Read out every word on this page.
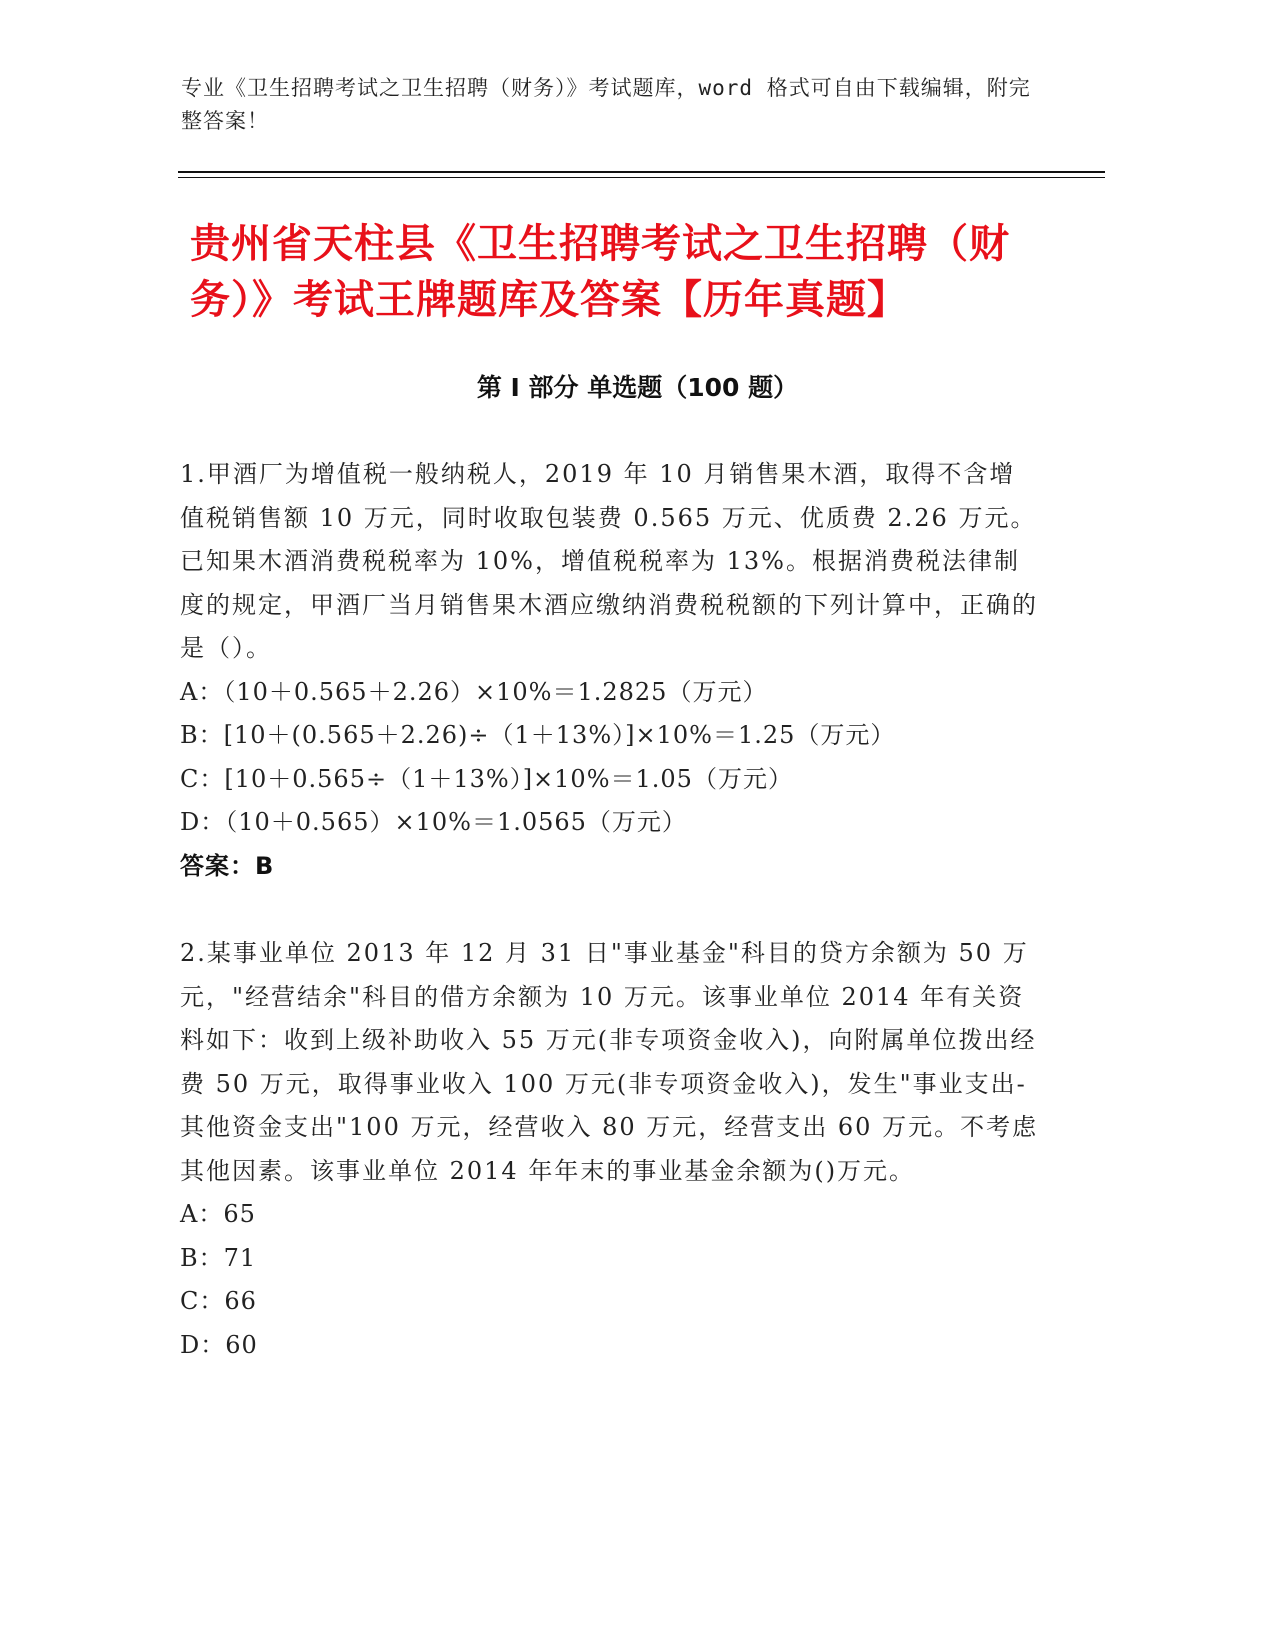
专业《卫生招聘考试之卫生招聘（财务）》考试题库，word 格式可自由下载编辑，附完整答案！
贵州省天柱县《卫生招聘考试之卫生招聘（财务）》考试王牌题库及答案【历年真题】
第 I 部分 单选题（100 题）
1.甲酒厂为增值税一般纳税人，2019 年 10 月销售果木酒，取得不含增值税销售额 10 万元，同时收取包装费 0.565 万元、优质费 2.26 万元。已知果木酒消费税税率为 10%，增值税税率为 13%。根据消费税法律制度的规定，甲酒厂当月销售果木酒应缴纳消费税税额的下列计算中，正确的是（）。
A：（10＋0.565＋2.26）×10%＝1.2825（万元）
B：[10＋(0.565＋2.26)÷（1＋13%）]×10%＝1.25（万元）
C：[10＋0.565÷（1＋13%）]×10%＝1.05（万元）
D：（10＋0.565）×10%＝1.0565（万元）
答案：B
2.某事业单位 2013 年 12 月 31 日"事业基金"科目的贷方余额为 50 万元，"经营结余"科目的借方余额为 10 万元。该事业单位 2014 年有关资料如下：收到上级补助收入 55 万元(非专项资金收入)，向附属单位拨出经费 50 万元，取得事业收入 100 万元(非专项资金收入)，发生"事业支出-其他资金支出"100 万元，经营收入 80 万元，经营支出 60 万元。不考虑其他因素。该事业单位 2014 年年末的事业基金余额为()万元。
A：65
B：71
C：66
D：60
